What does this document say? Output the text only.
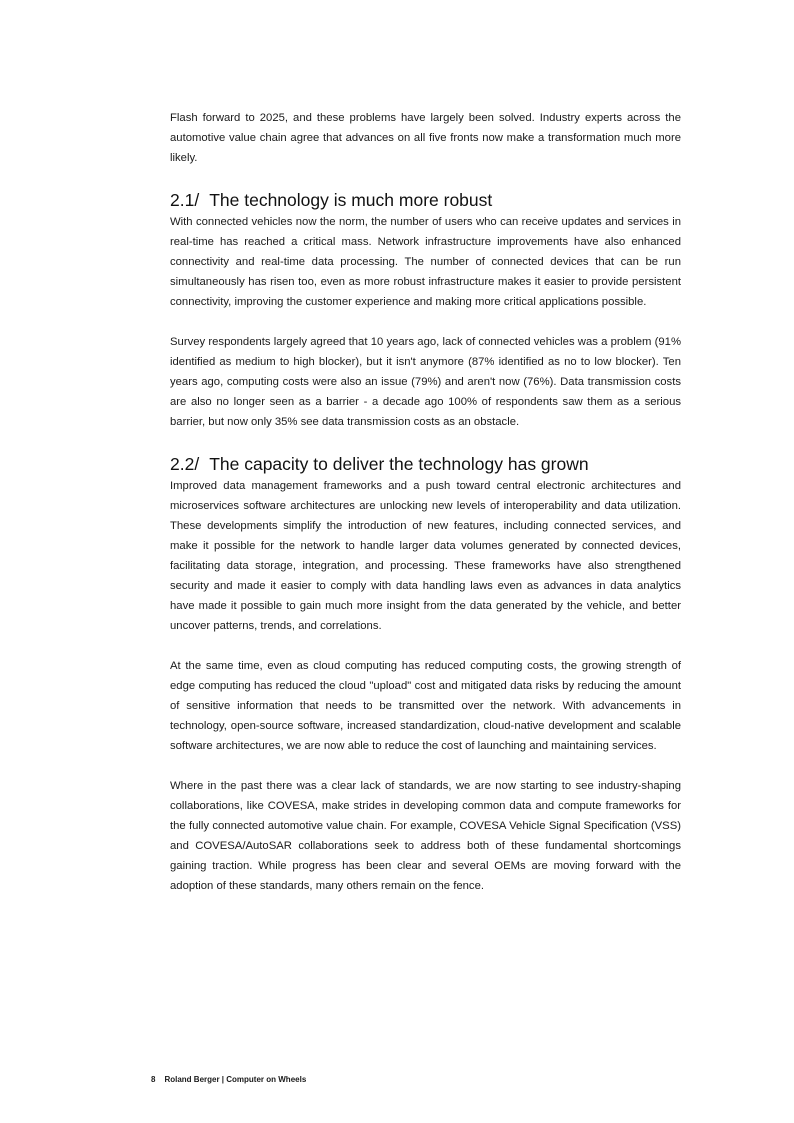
Flash forward to 2025, and these problems have largely been solved. Industry experts across the automotive value chain agree that advances on all five fronts now make a transformation much more likely.

2.1/ The technology is much more robust

With connected vehicles now the norm, the number of users who can receive updates and services in real-time has reached a critical mass. Network infrastructure improvements have also enhanced connectivity and real-time data processing. The number of connected devices that can be run simultaneously has risen too, even as more robust infrastructure makes it easier to provide persistent connectivity, improving the customer experience and making more critical applications possible.

Survey respondents largely agreed that 10 years ago, lack of connected vehicles was a problem (91% identified as medium to high blocker), but it isn't anymore (87% identified as no to low blocker). Ten years ago, computing costs were also an issue (79%) and aren't now (76%). Data transmission costs are also no longer seen as a barrier - a decade ago 100% of respondents saw them as a serious barrier, but now only 35% see data transmission costs as an obstacle.

2.2/ The capacity to deliver the technology has grown

Improved data management frameworks and a push toward central electronic architectures and microservices software architectures are unlocking new levels of interoperability and data utilization. These developments simplify the introduction of new features, including connected services, and make it possible for the network to handle larger data volumes generated by connected devices, facilitating data storage, integration, and processing. These frameworks have also strengthened security and made it easier to comply with data handling laws even as advances in data analytics have made it possible to gain much more insight from the data generated by the vehicle, and better uncover patterns, trends, and correlations.

At the same time, even as cloud computing has reduced computing costs, the growing strength of edge computing has reduced the cloud "upload" cost and mitigated data risks by reducing the amount of sensitive information that needs to be transmitted over the network. With advancements in technology, open-source software, increased standardization, cloud-native development and scalable software architectures, we are now able to reduce the cost of launching and maintaining services.

Where in the past there was a clear lack of standards, we are now starting to see industry-shaping collaborations, like COVESA, make strides in developing common data and compute frameworks for the fully connected automotive value chain. For example, COVESA Vehicle Signal Specification (VSS) and COVESA/AutoSAR collaborations seek to address both of these fundamental shortcomings gaining traction. While progress has been clear and several OEMs are moving forward with the adoption of these standards, many others remain on the fence.

8 Roland Berger | Computer on Wheels
